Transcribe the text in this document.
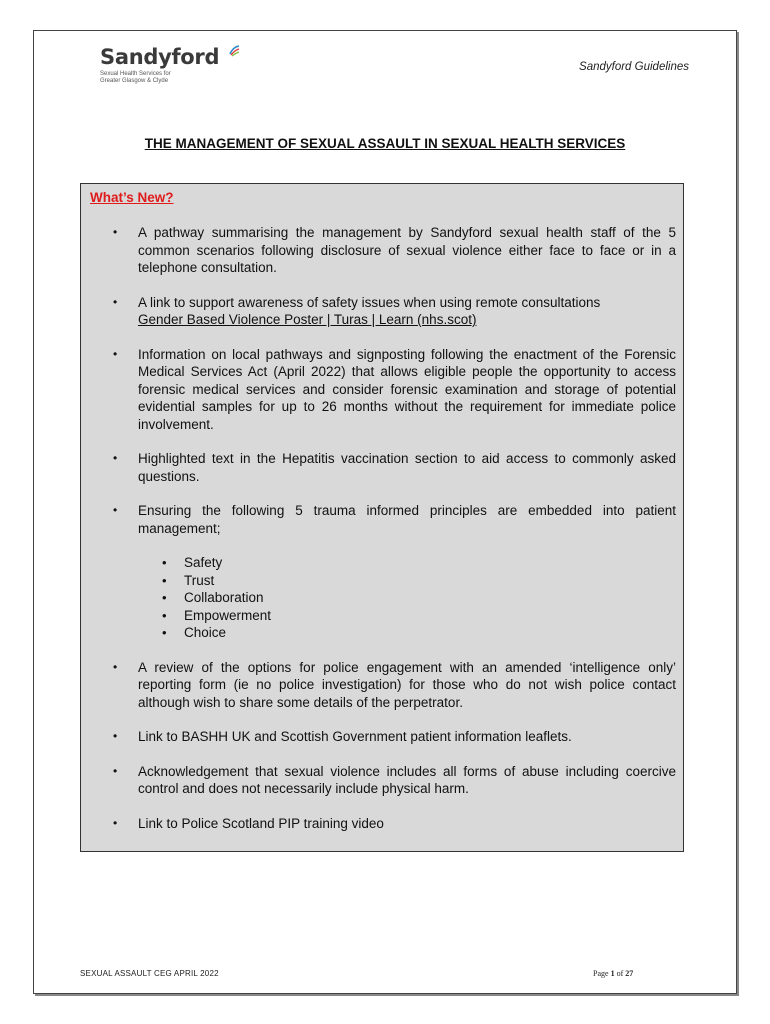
Sandyford
Sexual Health Services for Greater Glasgow & Clyde
Sandyford Guidelines
THE MANAGEMENT OF SEXUAL ASSAULT IN SEXUAL HEALTH SERVICES
What’s New?
• A pathway summarising the management by Sandyford sexual health staff of the 5 common scenarios following disclosure of sexual violence either face to face or in a telephone consultation.
• A link to support awareness of safety issues when using remote consultations
Gender Based Violence Poster | Turas | Learn (nhs.scot)
• Information on local pathways and signposting following the enactment of the Forensic Medical Services Act (April 2022) that allows eligible people the opportunity to access forensic medical services and consider forensic examination and storage of potential evidential samples for up to 26 months without the requirement for immediate police involvement.
• Highlighted text in the Hepatitis vaccination section to aid access to commonly asked questions.
• Ensuring the following 5 trauma informed principles are embedded into patient management;
• Safety
• Trust
• Collaboration
• Empowerment
• Choice
• A review of the options for police engagement with an amended ‘intelligence only’ reporting form (ie no police investigation) for those who do not wish police contact although wish to share some details of the perpetrator.
• Link to BASHH UK and Scottish Government patient information leaflets.
• Acknowledgement that sexual violence includes all forms of abuse including coercive control and does not necessarily include physical harm.
• Link to Police Scotland PIP training video
SEXUAL ASSAULT CEG APRIL 2022	Page 1 of 27
